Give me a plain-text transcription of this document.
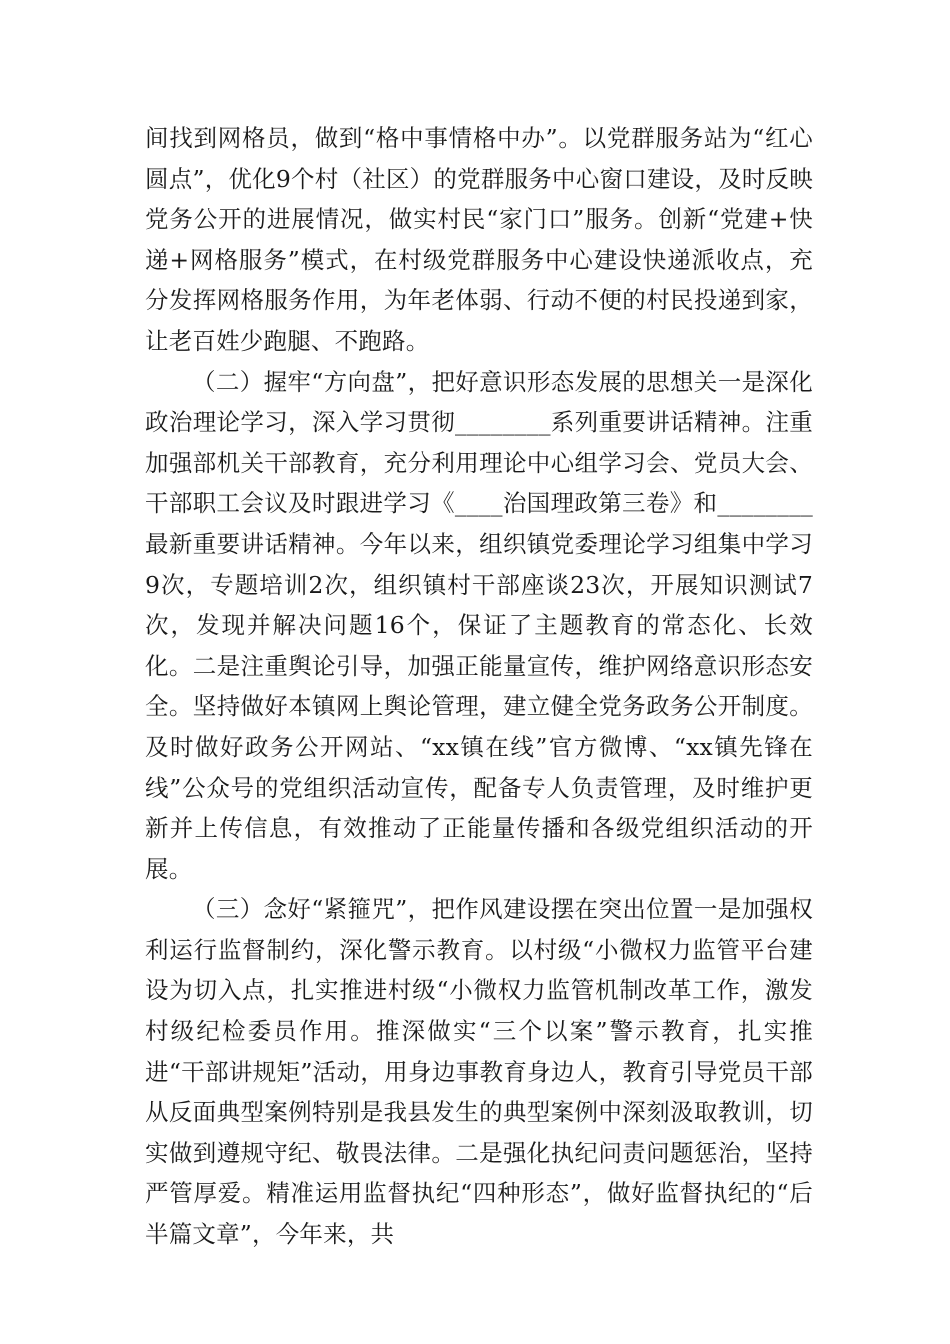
间找到网格员，做到“格中事情格中办”。以党群服务站为“红心圆点”，优化9个村（社区）的党群服务中心窗口建设，及时反映党务公开的进展情况，做实村民“家门口”服务。创新“党建+快递+网格服务”模式，在村级党群服务中心建设快递派收点，充分发挥网格服务作用，为年老体弱、行动不便的村民投递到家，让老百姓少跑腿、不跑路。

（二）握牢“方向盘”，把好意识形态发展的思想关一是深化政治理论学习，深入学习贯彻________系列重要讲话精神。注重加强部机关干部教育，充分利用理论中心组学习会、党员大会、干部职工会议及时跟进学习《____治国理政第三卷》和________最新重要讲话精神。今年以来，组织镇党委理论学习组集中学习9次，专题培训2次，组织镇村干部座谈23次，开展知识测试7次，发现并解决问题16个，保证了主题教育的常态化、长效化。二是注重舆论引导，加强正能量宣传，维护网络意识形态安全。坚持做好本镇网上舆论管理，建立健全党务政务公开制度。及时做好政务公开网站、“xx镇在线”官方微博、“xx镇先锋在线”公众号的党组织活动宣传，配备专人负责管理，及时维护更新并上传信息，有效推动了正能量传播和各级党组织活动的开展。

（三）念好“紧箍咒”，把作风建设摆在突出位置一是加强权利运行监督制约，深化警示教育。以村级“小微权力监管平台建设为切入点，扎实推进村级“小微权力监管机制改革工作，激发村级纪检委员作用。推深做实“三个以案”警示教育，扎实推进“干部讲规矩”活动，用身边事教育身边人，教育引导党员干部从反面典型案例特别是我县发生的典型案例中深刻汲取教训，切实做到遵规守纪、敬畏法律。二是强化执纪问责问题惩治，坚持严管厚爱。精准运用监督执纪“四种形态”，做好监督执纪的“后半篇文章”，今年来，共
